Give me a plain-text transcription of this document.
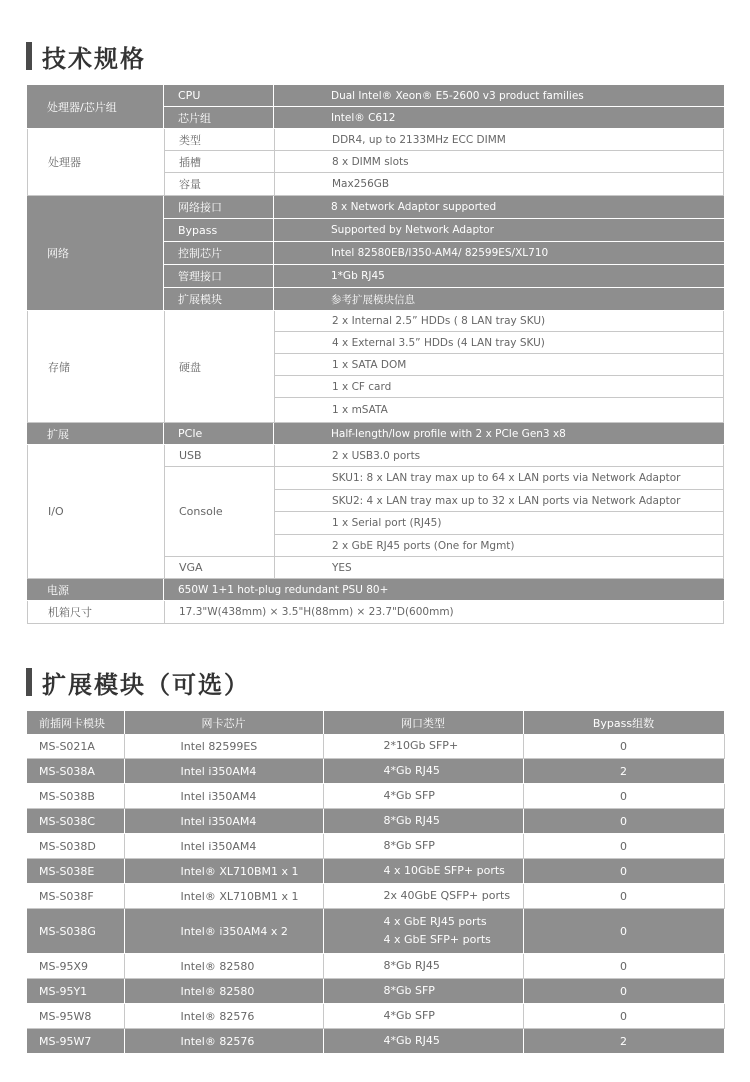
技术规格
处理器/芯片组
CPU	Dual Intel® Xeon® E5-2600 v3 product families
芯片组	Intel® C612
处理器
类型	DDR4, up to 2133MHz ECC DIMM
插槽	8 x DIMM slots
容量	Max256GB
网络
网络接口	8 x Network Adaptor supported
Bypass	Supported by Network Adaptor
控制芯片	Intel 82580EB/I350-AM4/ 82599ES/XL710
管理接口	1*Gb RJ45
扩展模块	参考扩展模块信息
存储	硬盘
2 x Internal 2.5” HDDs ( 8 LAN tray SKU)
4 x External 3.5” HDDs (4 LAN tray SKU)
1 x SATA DOM
1 x CF card
1 x mSATA
扩展	PCIe	Half-length/low profile with 2 x PCIe Gen3 x8
I/O
USB	2 x USB3.0 ports
Console
SKU1: 8 x LAN tray max up to 64 x LAN ports via Network Adaptor
SKU2: 4 x LAN tray max up to 32 x LAN ports via Network Adaptor
1 x Serial port (RJ45)
2 x GbE RJ45 ports (One for Mgmt)
VGA	YES
电源	650W 1+1 hot-plug redundant PSU 80+
机箱尺寸	17.3"W(438mm) × 3.5"H(88mm) × 23.7"D(600mm)
扩展模块（可选）
前插网卡模块	网卡芯片	网口类型	Bypass组数
MS-S021A	Intel 82599ES	2*10Gb SFP+	0
MS-S038A	Intel i350AM4	4*Gb RJ45	2
MS-S038B	Intel i350AM4	4*Gb SFP	0
MS-S038C	Intel i350AM4	8*Gb RJ45	0
MS-S038D	Intel i350AM4	8*Gb SFP	0
MS-S038E	Intel® XL710BM1 x 1	4 x 10GbE SFP+ ports	0
MS-S038F	Intel® XL710BM1 x 1	2x 40GbE QSFP+ ports	0
MS-S038G	Intel® i350AM4 x 2	4 x GbE RJ45 ports
4 x GbE SFP+ ports	0
MS-95X9	Intel® 82580	8*Gb RJ45	0
MS-95Y1	Intel® 82580	8*Gb SFP	0
MS-95W8	Intel® 82576	4*Gb SFP	0
MS-95W7	Intel® 82576	4*Gb RJ45	2
